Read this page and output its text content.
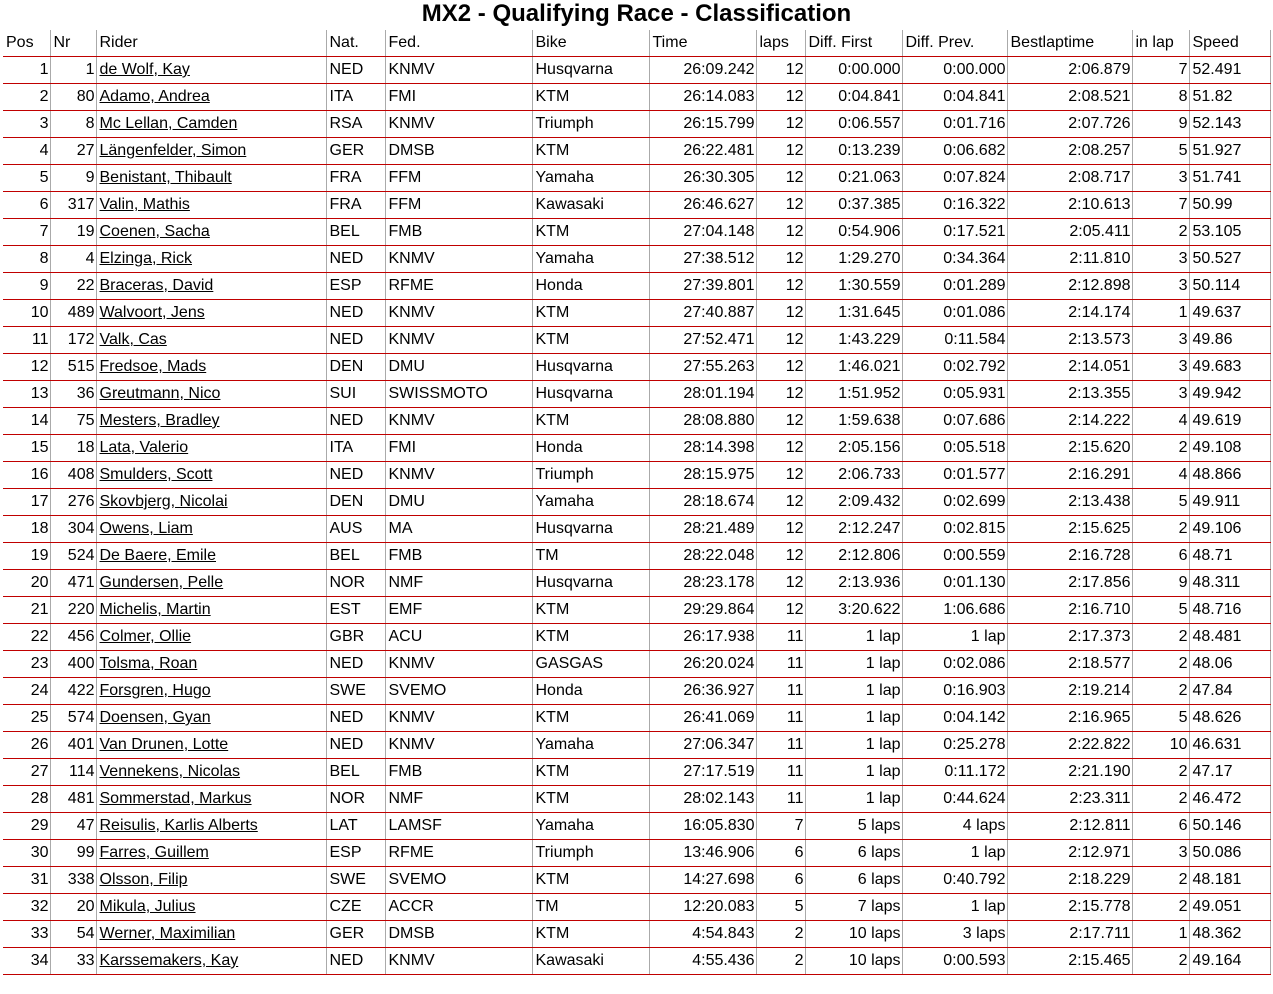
MX2 - Qualifying Race - Classification
Pos	Nr	Rider	Nat.	Fed.	Bike	Time	laps	Diff. First	Diff. Prev.	Bestlaptime	in lap	Speed
1	1	de Wolf, Kay	NED	KNMV	Husqvarna	26:09.242	12	0:00.000	0:00.000	2:06.879	7	52.491
2	80	Adamo, Andrea	ITA	FMI	KTM	26:14.083	12	0:04.841	0:04.841	2:08.521	8	51.82
3	8	Mc Lellan, Camden	RSA	KNMV	Triumph	26:15.799	12	0:06.557	0:01.716	2:07.726	9	52.143
4	27	Längenfelder, Simon	GER	DMSB	KTM	26:22.481	12	0:13.239	0:06.682	2:08.257	5	51.927
5	9	Benistant, Thibault	FRA	FFM	Yamaha	26:30.305	12	0:21.063	0:07.824	2:08.717	3	51.741
6	317	Valin, Mathis	FRA	FFM	Kawasaki	26:46.627	12	0:37.385	0:16.322	2:10.613	7	50.99
7	19	Coenen, Sacha	BEL	FMB	KTM	27:04.148	12	0:54.906	0:17.521	2:05.411	2	53.105
8	4	Elzinga, Rick	NED	KNMV	Yamaha	27:38.512	12	1:29.270	0:34.364	2:11.810	3	50.527
9	22	Braceras, David	ESP	RFME	Honda	27:39.801	12	1:30.559	0:01.289	2:12.898	3	50.114
10	489	Walvoort, Jens	NED	KNMV	KTM	27:40.887	12	1:31.645	0:01.086	2:14.174	1	49.637
11	172	Valk, Cas	NED	KNMV	KTM	27:52.471	12	1:43.229	0:11.584	2:13.573	3	49.86
12	515	Fredsoe, Mads	DEN	DMU	Husqvarna	27:55.263	12	1:46.021	0:02.792	2:14.051	3	49.683
13	36	Greutmann, Nico	SUI	SWISSMOTO	Husqvarna	28:01.194	12	1:51.952	0:05.931	2:13.355	3	49.942
14	75	Mesters, Bradley	NED	KNMV	KTM	28:08.880	12	1:59.638	0:07.686	2:14.222	4	49.619
15	18	Lata, Valerio	ITA	FMI	Honda	28:14.398	12	2:05.156	0:05.518	2:15.620	2	49.108
16	408	Smulders, Scott	NED	KNMV	Triumph	28:15.975	12	2:06.733	0:01.577	2:16.291	4	48.866
17	276	Skovbjerg, Nicolai	DEN	DMU	Yamaha	28:18.674	12	2:09.432	0:02.699	2:13.438	5	49.911
18	304	Owens, Liam	AUS	MA	Husqvarna	28:21.489	12	2:12.247	0:02.815	2:15.625	2	49.106
19	524	De Baere, Emile	BEL	FMB	TM	28:22.048	12	2:12.806	0:00.559	2:16.728	6	48.71
20	471	Gundersen, Pelle	NOR	NMF	Husqvarna	28:23.178	12	2:13.936	0:01.130	2:17.856	9	48.311
21	220	Michelis, Martin	EST	EMF	KTM	29:29.864	12	3:20.622	1:06.686	2:16.710	5	48.716
22	456	Colmer, Ollie	GBR	ACU	KTM	26:17.938	11	1 lap	1 lap	2:17.373	2	48.481
23	400	Tolsma, Roan	NED	KNMV	GASGAS	26:20.024	11	1 lap	0:02.086	2:18.577	2	48.06
24	422	Forsgren, Hugo	SWE	SVEMO	Honda	26:36.927	11	1 lap	0:16.903	2:19.214	2	47.84
25	574	Doensen, Gyan	NED	KNMV	KTM	26:41.069	11	1 lap	0:04.142	2:16.965	5	48.626
26	401	Van Drunen, Lotte	NED	KNMV	Yamaha	27:06.347	11	1 lap	0:25.278	2:22.822	10	46.631
27	114	Vennekens, Nicolas	BEL	FMB	KTM	27:17.519	11	1 lap	0:11.172	2:21.190	2	47.17
28	481	Sommerstad, Markus	NOR	NMF	KTM	28:02.143	11	1 lap	0:44.624	2:23.311	2	46.472
29	47	Reisulis, Karlis Alberts	LAT	LAMSF	Yamaha	16:05.830	7	5 laps	4 laps	2:12.811	6	50.146
30	99	Farres, Guillem	ESP	RFME	Triumph	13:46.906	6	6 laps	1 lap	2:12.971	3	50.086
31	338	Olsson, Filip	SWE	SVEMO	KTM	14:27.698	6	6 laps	0:40.792	2:18.229	2	48.181
32	20	Mikula, Julius	CZE	ACCR	TM	12:20.083	5	7 laps	1 lap	2:15.778	2	49.051
33	54	Werner, Maximilian	GER	DMSB	KTM	4:54.843	2	10 laps	3 laps	2:17.711	1	48.362
34	33	Karssemakers, Kay	NED	KNMV	Kawasaki	4:55.436	2	10 laps	0:00.593	2:15.465	2	49.164
